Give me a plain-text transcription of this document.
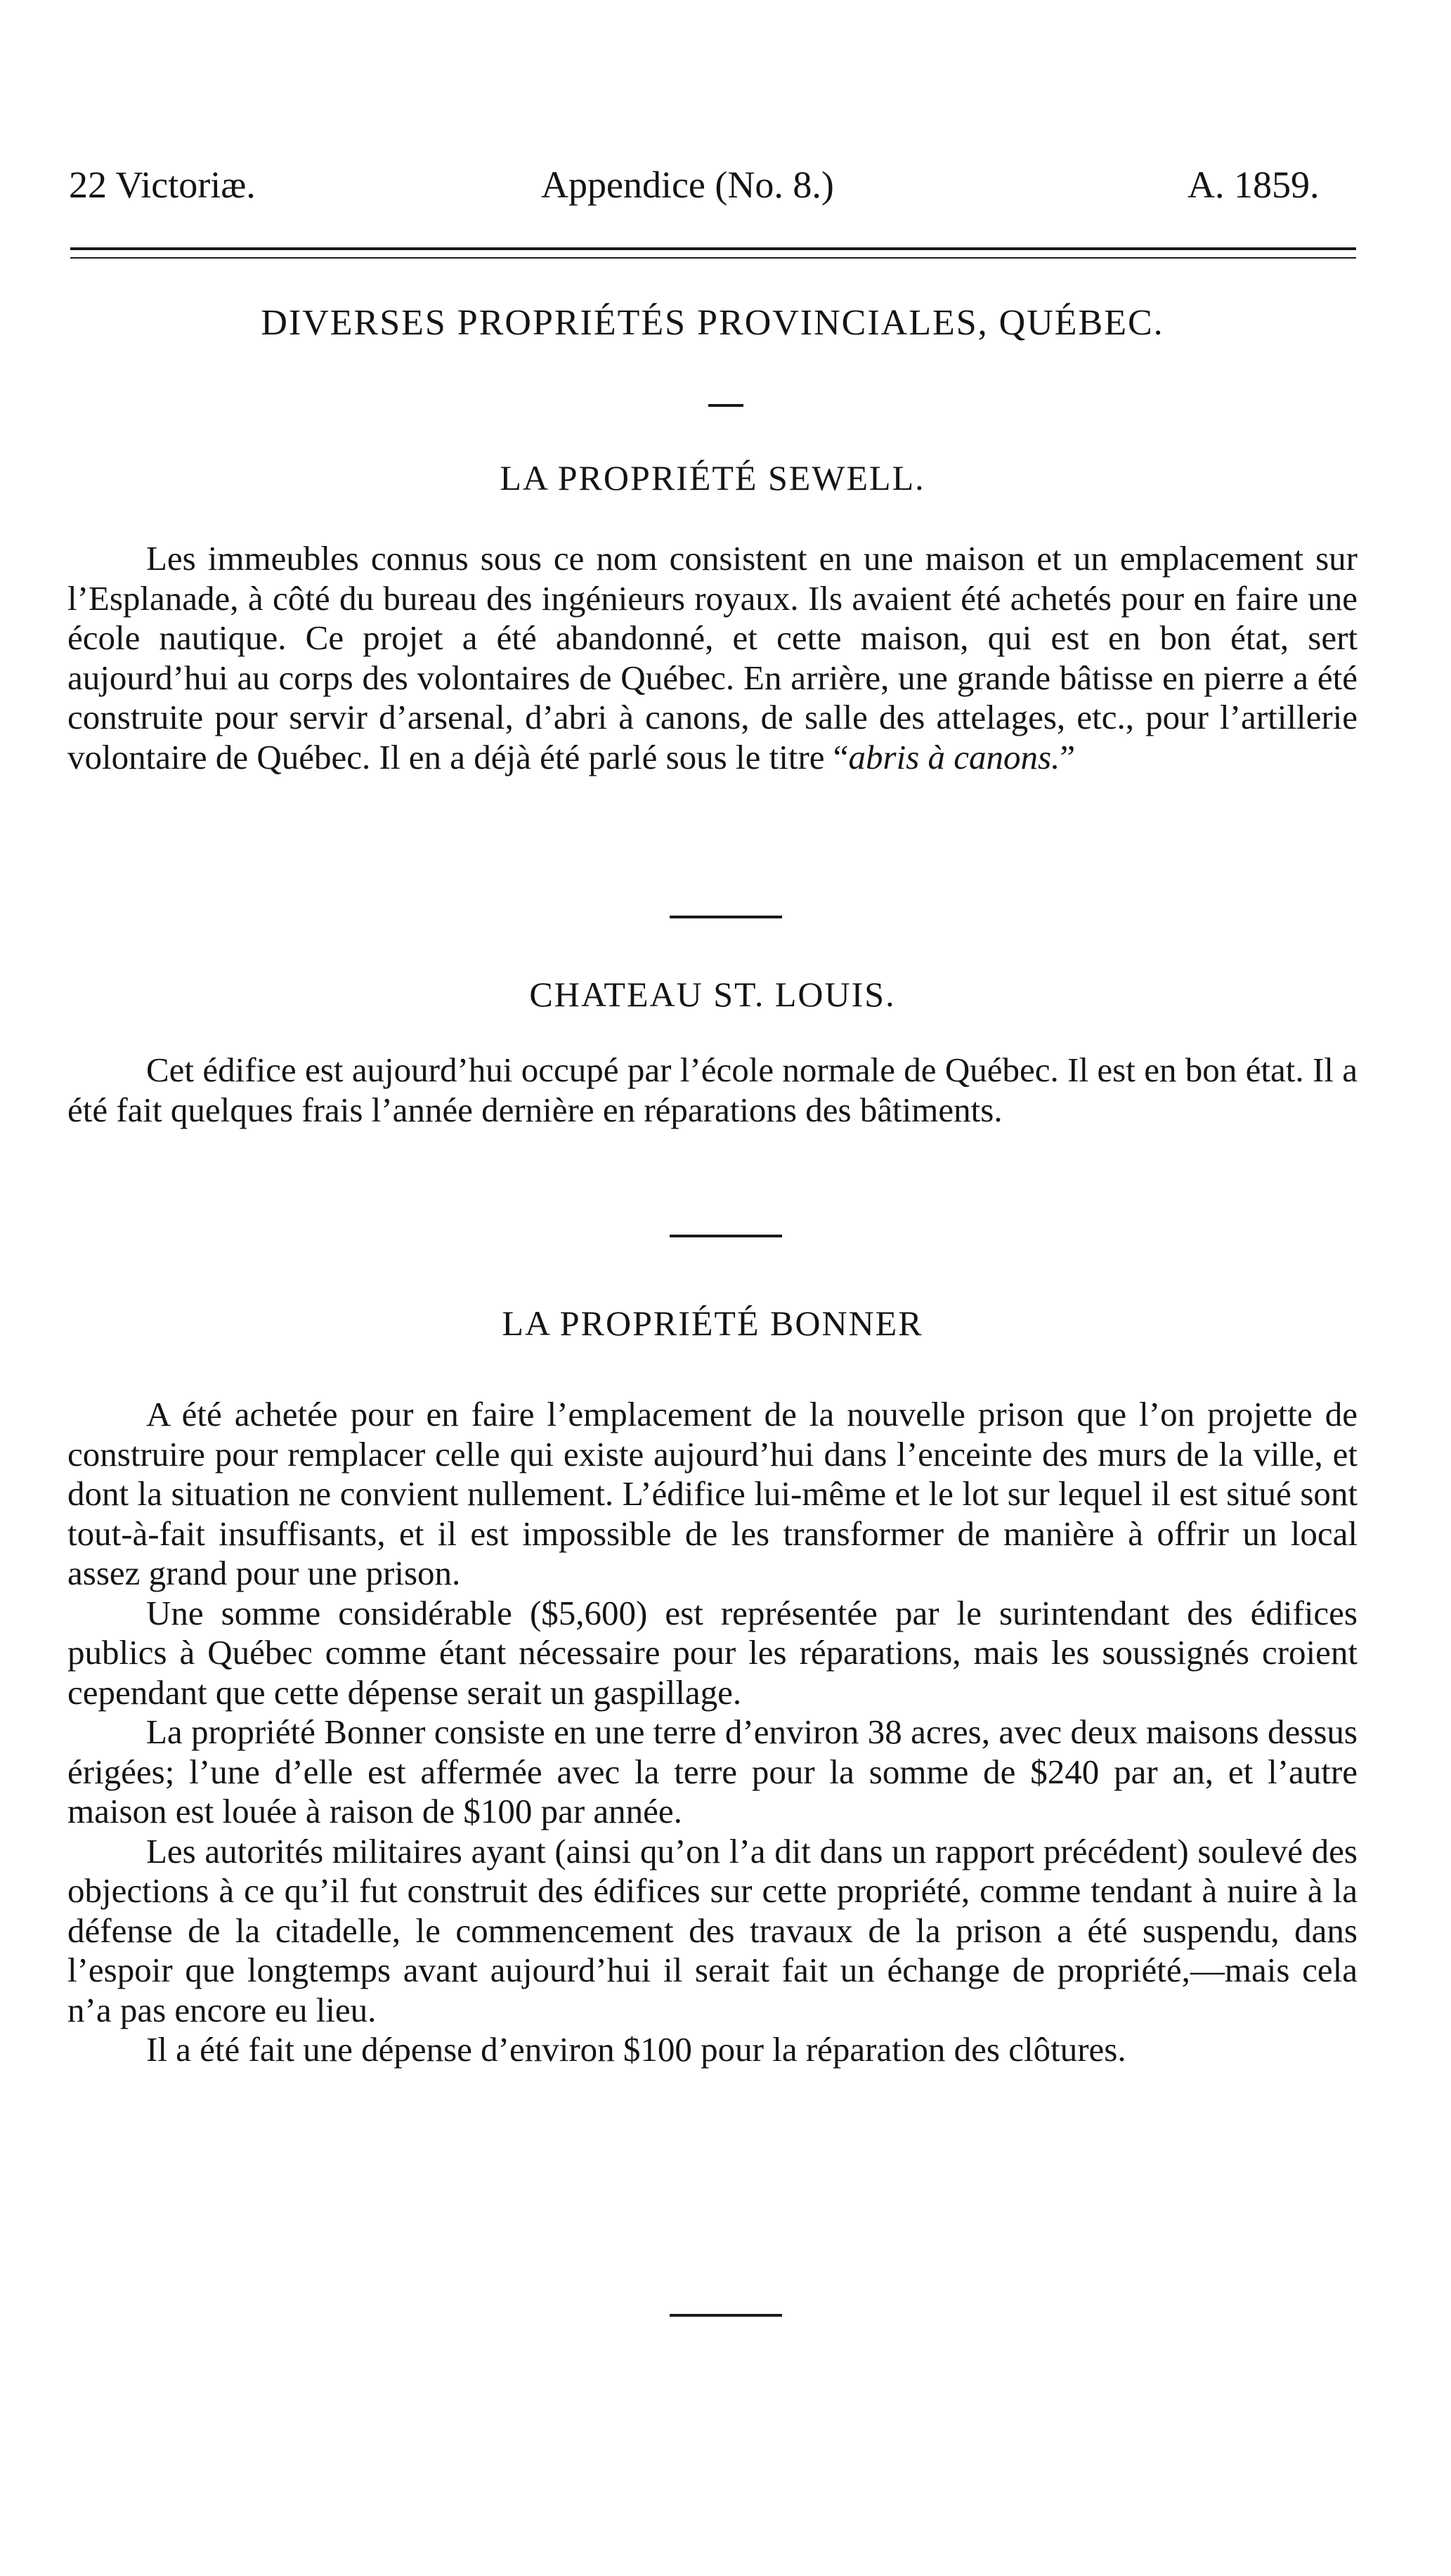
22 Victoriæ.	Appendice (No. 8.)	A. 1859.
DIVERSES PROPRIÉTÉS PROVINCIALES, QUÉBEC.
LA PROPRIÉTÉ SEWELL.

Les immeubles connus sous ce nom consistent en une maison et un emplacement sur l’Esplanade, à côté du bureau des ingénieurs royaux. Ils avaient été achetés pour en faire une école nautique. Ce projet a été abandonné, et cette maison, qui est en bon état, sert aujourd’hui au corps des volontaires de Québec. En arrière, une grande bâtisse en pierre a été construite pour servir d’arsenal, d’abri à canons, de salle des attelages, etc., pour l’artillerie volontaire de Québec. Il en a déjà été parlé sous le titre “abris à canons.”

CHATEAU ST. LOUIS.

Cet édifice est aujourd’hui occupé par l’école normale de Québec. Il est en bon état. Il a été fait quelques frais l’année dernière en réparations des bâtiments.

LA PROPRIÉTÉ BONNER

A été achetée pour en faire l’emplacement de la nouvelle prison que l’on projette de construire pour remplacer celle qui existe aujourd’hui dans l’enceinte des murs de la ville, et dont la situation ne convient nullement. L’édifice lui-même et le lot sur lequel il est situé sont tout-à-fait insuffisants, et il est impossible de les transformer de manière à offrir un local assez grand pour une prison.

Une somme considérable ($5,600) est représentée par le surintendant des édifices publics à Québec comme étant nécessaire pour les réparations, mais les soussignés croient cependant que cette dépense serait un gaspillage.

La propriété Bonner consiste en une terre d’environ 38 acres, avec deux maisons dessus érigées; l’une d’elle est affermée avec la terre pour la somme de $240 par an, et l’autre maison est louée à raison de $100 par année.

Les autorités militaires ayant (ainsi qu’on l’a dit dans un rapport précédent) soulevé des objections à ce qu’il fut construit des édifices sur cette propriété, comme tendant à nuire à la défense de la citadelle, le commencement des travaux de la prison a été suspendu, dans l’espoir que longtemps avant aujourd’hui il serait fait un échange de propriété,—mais cela n’a pas encore eu lieu.

Il a été fait une dépense d’environ $100 pour la réparation des clôtures.
